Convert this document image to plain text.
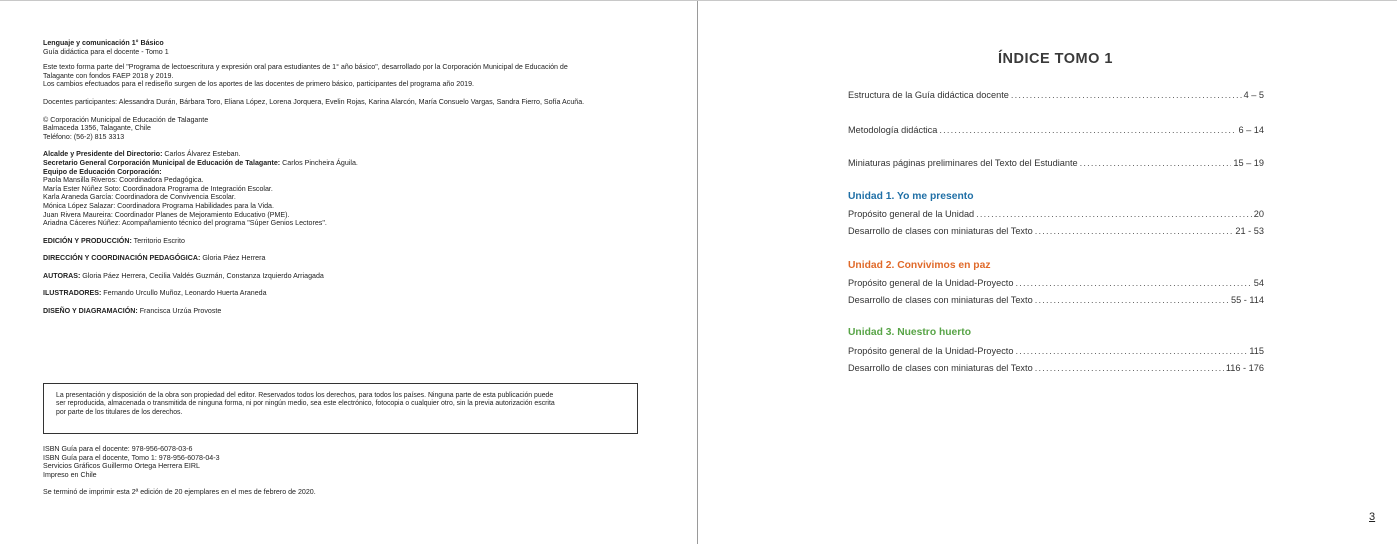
Lenguaje y comunicación 1° Básico

Guía didáctica para el docente - Tomo 1

Este texto forma parte del "Programa de lectoescritura y expresión oral para estudiantes de 1° año básico", desarrollado por la Corporación Municipal de Educación de

Talagante con fondos FAEP 2018 y 2019.

Los cambios efectuados para el rediseño surgen de los aportes de las docentes de primero básico, participantes del programa año 2019.

Docentes participantes: Alessandra Durán, Bárbara Toro, Eliana López, Lorena Jorquera, Evelin Rojas, Karina Alarcón, María Consuelo Vargas, Sandra Fierro, Sofía Acuña.

© Corporación Municipal de Educación de Talagante

Balmaceda 1356, Talagante, Chile

Teléfono: (56-2) 815 3313

Alcalde y Presidente del Directorio: Carlos Álvarez Esteban.

Secretario General Corporación Municipal de Educación de Talagante: Carlos Pincheira Águila.

Equipo de Educación Corporación:

Paola Mansilla Riveros: Coordinadora Pedagógica.

María Ester Núñez Soto: Coordinadora Programa de Integración Escolar.

Karla Araneda García: Coordinadora de Convivencia Escolar.

Mónica López Salazar: Coordinadora Programa Habilidades para la Vida.

Juan Rivera Maureira: Coordinador Planes de Mejoramiento Educativo (PME).

Ariadna Cáceres Núñez: Acompañamiento técnico del programa "Súper Genios Lectores".

EDICIÓN Y PRODUCCIÓN: Territorio Escrito

DIRECCIÓN Y COORDINACIÓN PEDAGÓGICA: Gloria Páez Herrera

AUTORAS: Gloria Páez Herrera, Cecilia Valdés Guzmán, Constanza Izquierdo Arriagada

ILUSTRADORES: Fernando Urcullo Muñoz, Leonardo Huerta Araneda

DISEÑO Y DIAGRAMACIÓN: Francisca Urzúa Provoste

La presentación y disposición de la obra son propiedad del editor. Reservados todos los derechos, para todos los países. Ninguna parte de esta publicación puede
ser reproducida, almacenada o transmitida de ninguna forma, ni por ningún medio, sea este electrónico, fotocopia o cualquier otro, sin la previa autorización escrita
por parte de los titulares de los derechos.

ISBN Guía para el docente: 978-956-6078-03-6

ISBN Guía para el docente, Tomo 1: 978-956-6078-04-3

Servicios Gráficos Guillermo Ortega Herrera EIRL

Impreso en Chile

Se terminó de imprimir esta 2ª edición de 20 ejemplares en el mes de febrero de 2020.

ÍNDICE TOMO 1
Estructura de la Guía didáctica docente .....	4 – 5
Metodología didáctica .....	6 – 14
Miniaturas páginas preliminares del Texto del Estudiante .....	15 – 19
Unidad 1. Yo me presento
Propósito general de la Unidad .....	20
Desarrollo de clases con miniaturas del Texto .....	21 - 53
Unidad 2. Convivimos en paz
Propósito general de la Unidad-Proyecto .....	54
Desarrollo de clases con miniaturas del Texto .....	55 - 114
Unidad 3. Nuestro huerto
Propósito general de la Unidad-Proyecto .....	115
Desarrollo de clases con miniaturas del Texto .....	116 - 176
3
